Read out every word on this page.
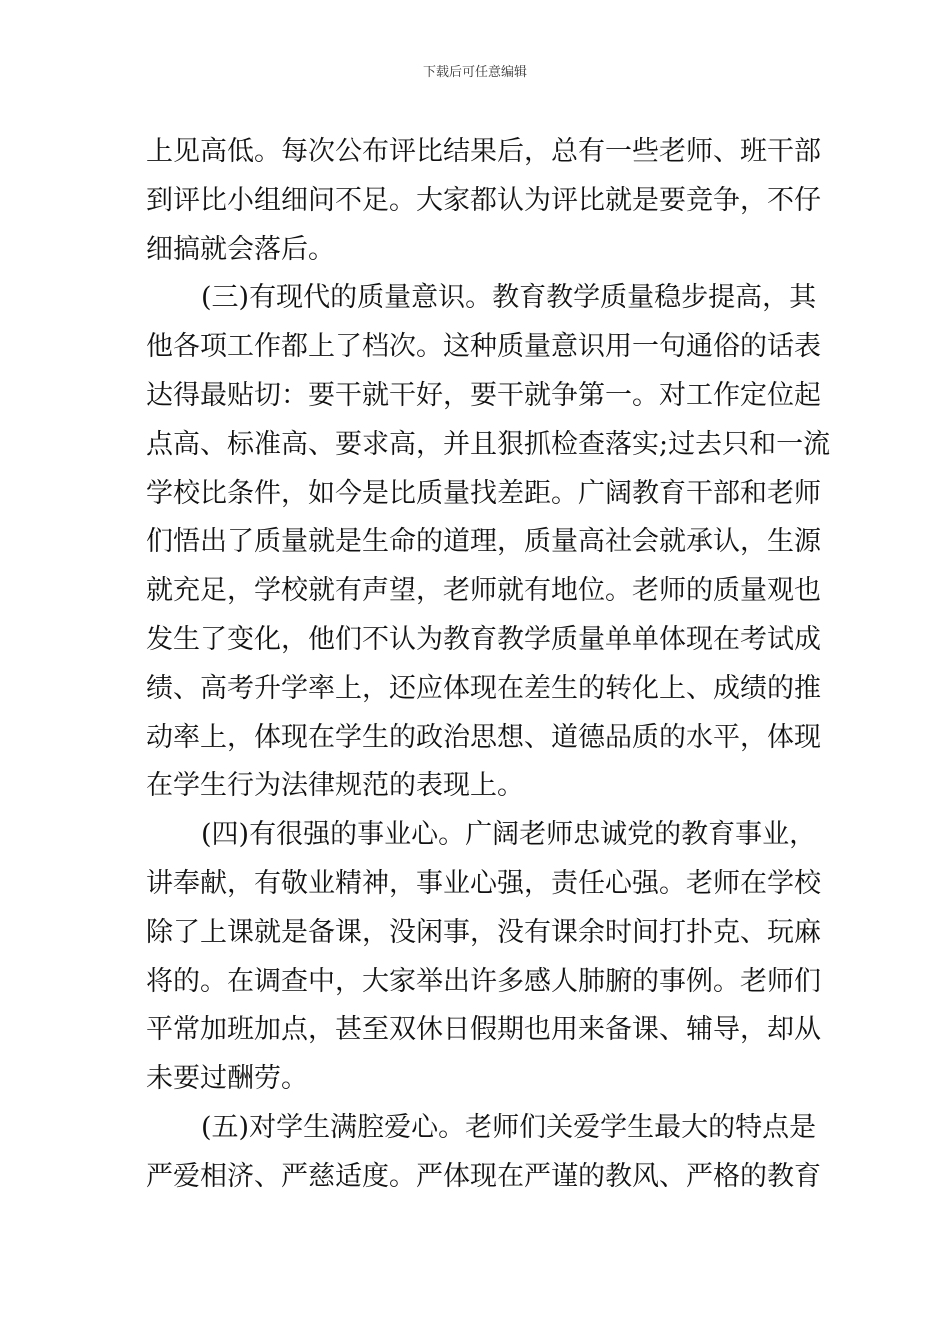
下载后可任意编辑
上见高低。每次公布评比结果后，总有一些老师、班干部
到评比小组细问不足。大家都认为评比就是要竞争，不仔
细搞就会落后。
(三)有现代的质量意识。教育教学质量稳步提高，其
他各项工作都上了档次。这种质量意识用一句通俗的话表
达得最贴切：要干就干好，要干就争第一。对工作定位起
点高、标准高、要求高，并且狠抓检查落实;过去只和一流
学校比条件，如今是比质量找差距。广阔教育干部和老师
们悟出了质量就是生命的道理，质量高社会就承认，生源
就充足，学校就有声望，老师就有地位。老师的质量观也
发生了变化，他们不认为教育教学质量单单体现在考试成
绩、高考升学率上，还应体现在差生的转化上、成绩的推
动率上，体现在学生的政治思想、道德品质的水平，体现
在学生行为法律规范的表现上。
(四)有很强的事业心。广阔老师忠诚党的教育事业，
讲奉献，有敬业精神，事业心强，责任心强。老师在学校
除了上课就是备课，没闲事，没有课余时间打扑克、玩麻
将的。在调查中，大家举出许多感人肺腑的事例。老师们
平常加班加点，甚至双休日假期也用来备课、辅导，却从
未要过酬劳。
(五)对学生满腔爱心。老师们关爱学生最大的特点是
严爱相济、严慈适度。严体现在严谨的教风、严格的教育
